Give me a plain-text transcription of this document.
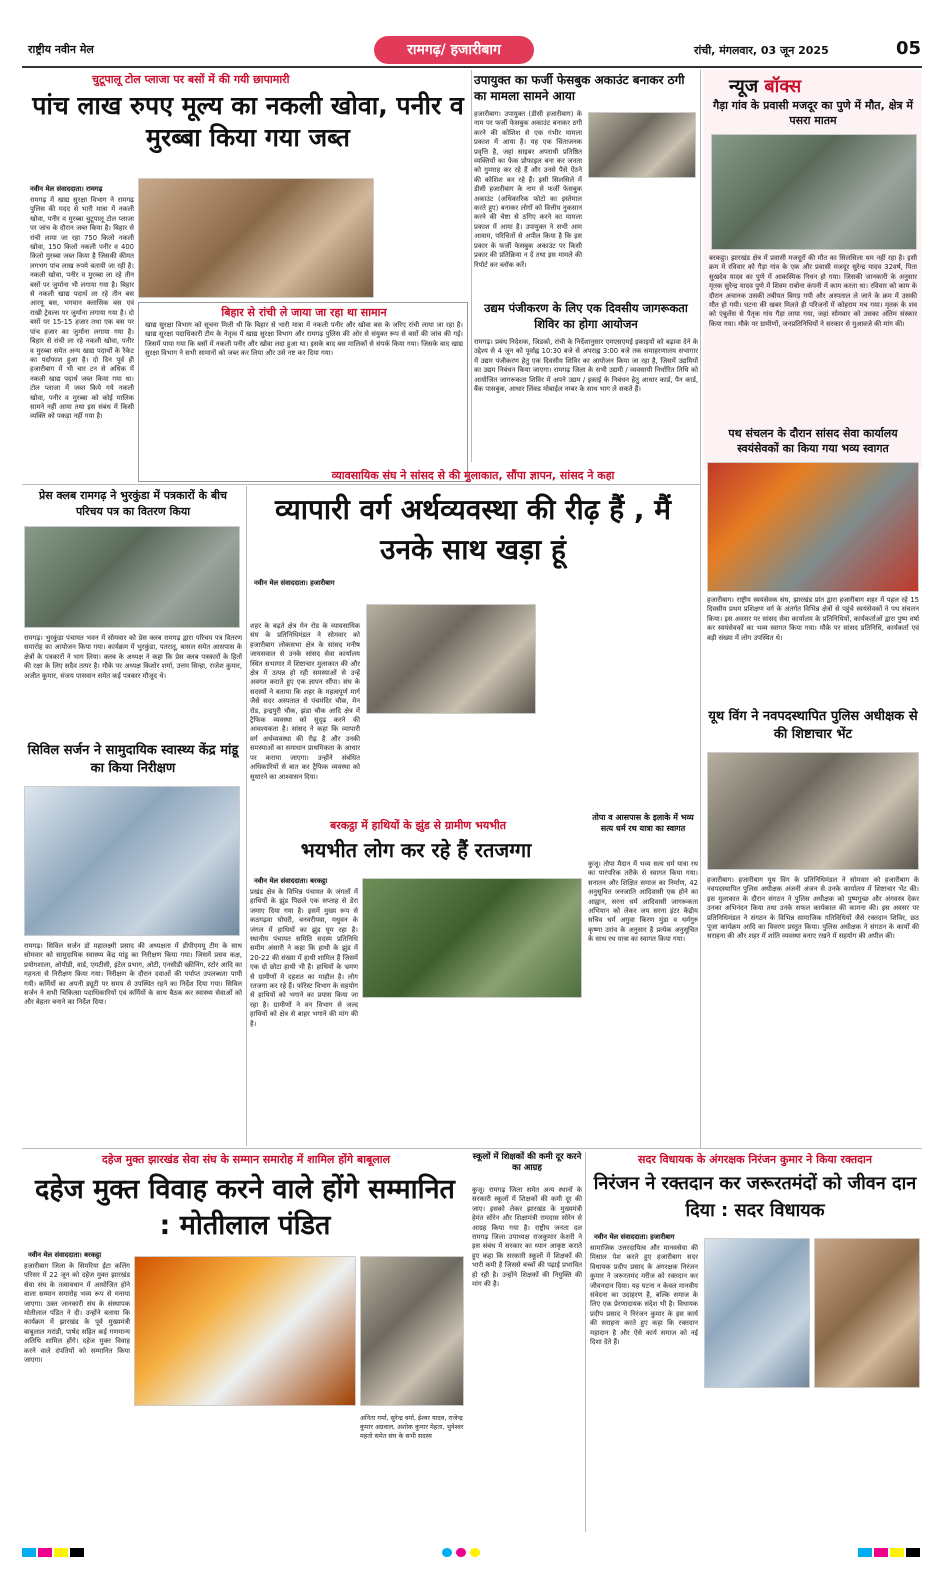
राष्ट्रीय नवीन मेल	रामगढ़/ हजारीबाग	रांची, मंगलवार, 03 जून 2025	05
चुटूपालू टोल प्लाजा पर बसों में की गयी छापामारी
पांच लाख रुपए मूल्य का नकली खोवा, पनीर व मुरब्बा किया गया जब्त
नवीन मेल संवाददाता। रामगढ़
रामगढ़ में खाद्य सुरक्षा विभाग ने रामगढ़ पुलिस की मदद से भारी मात्रा में नकली खोवा, पनीर व मुरब्बा चुटूपालू टोल प्लाजा पर जांच के दौरान जब्त किया है। बिहार से रांची लाया जा रहा 750 किलो नकली खोवा, 150 किलो नकली पनीर व 400 किलो मुरब्बा जब्त किया है जिसकी कीमत लगभग पांच लाख रुपये बतायी जा रही है। नकली खोवा, पनीर व मुरब्बा ला रहे तीन बसों पर जुर्माना भी लगाया गया है। बिहार से नकली खाद्य पदार्थ ला रहे तीन बस आरयू बस, भगवान क्लासिक बस एवं राखी ट्रेवल्स पर जुर्माना लगाया गया है। दो बसों पर 15-15 हजार तथा एक बस पर पांच हजार का जुर्माना लगाया गया है। बिहार से रांची ला रहे नकली खोवा, पनीर व मुरब्बा समेत अन्य खाद्य पदार्थों के रैकेट का पर्दाफाश हुआ है। दो दिन पूर्व ही हजारीबाग में भी चार टन से अधिक में नकली खाद्य पदार्थ जब्त किया गया था। टोल प्लाजा में जब्त किये गये नकली खोवा, पनीर व मुरब्बा को कोई मालिक सामने नहीं आया तथा इस संबंध में किसी व्यक्ति को पकड़ा नहीं गया है।
बिहार से रांची ले जाया जा रहा था सामान
खाद्य सुरक्षा विभाग को सूचना मिली थी कि बिहार से भारी मात्रा में नकली पनीर और खोवा बस के जरिए रांची लाया जा रहा है। खाद्य सुरक्षा पदाधिकारी टीम के नेतृत्व में खाद्य सुरक्षा विभाग और रामगढ़ पुलिस की ओर से संयुक्त रूप से बसों की जांच की गई। जिसमें पाया गया कि बसों में नकली पनीर और खोवा लदा हुआ था। इसके बाद बस मालिकों से संपर्क किया गया। जिसके बाद खाद्य सुरक्षा विभाग ने सभी सामानों को जब्त कर लिया और उसे नष्ट कर दिया गया।
उपायुक्त का फर्जी फेसबुक अकाउंट बनाकर ठगी का मामला सामने आया
हजारीबाग। उपायुक्त (डीसी हजारीबाग) के नाम पर फर्जी फेसबुक अकाउंट बनाकर ठगी करने की कोशिश से एक गंभीर मामला प्रकाश में आया है। यह एक चिंताजनक प्रवृत्ति है, जहां साइबर अपराधी प्रतिष्ठित व्यक्तियों का फेक प्रोफाइल बना कर जनता को गुमराह कर रहे हैं और उनसे पैसे ऐंठने की कोशिश कर रहे हैं। इसी सिलसिले में डीसी हजारीबाग के नाम से फर्जी फेसबुक अकाउंट (अधिकारिक फोटो का इस्तेमाल करते हुए) बनाकर लोगों को वित्तीय नुकसान करने की चेष्टा से ठगिए करने का मामला प्रकाश में आया है। उपायुक्त ने सभी आम आवाम, परिचितों से अपील किया है कि इस प्रकार के फर्जी फेसबुक अकाउंट पर किसी प्रकार की प्रतिक्रिया न दें तथा इस मामले की रिपोर्ट कर ब्लॉक करें।
उद्यम पंजीकरण के लिए एक दिवसीय जागरूकता शिविर का होगा आयोजन
रामगढ़। प्रबंध निदेशक, जिडको, रांची के निर्देशानुसार एमएसएमई इकाइयों को बढ़ावा देने के उद्देश्य से 4 जून को पूर्वाह्न 10:30 बजे से अपराह्न 3:00 बजे तक समाहरणालय सभागार में उद्यम पंजीकरण हेतु एक दिवसीय शिविर का आयोजन किया जा रहा है, जिसमें उद्यमियों का उद्यम निबंधन किया जाएगा। रामगढ़ जिला के सभी उद्यमी / व्यवसायी निर्धारित तिथि को आयोजित जागरूकता शिविर में अपने उद्यम / इकाई के निबंधन हेतु आधार कार्ड, पैन कार्ड, बैंक पासबुक, आधार लिंक्ड मोबाईल नम्बर के साथ भाग ले सकते हैं।
न्यूज बॉक्स
गैड़ा गांव के प्रवासी मजदूर का पुणे में मौत, क्षेत्र में पसरा मातम
बरकट्ठा। झारखंड क्षेत्र में प्रवासी मजदूरों की मौत का सिलसिला थम नहीं रहा है। इसी क्रम में रविवार को गैड़ा गांव के एक और प्रवासी मजदूर सुरेन्द्र यादव 32वर्ष, पिता सुखदेव यादव का पुणे में आकस्मिक निधन हो गया। जिसकी जानकारी के अनुसार मृतक सुरेन्द्र यादव पुणे में शिवम राबोना कंपनी में काम करता था। रविवार को काम के दौरान अचानक उसकी तबीयत बिगड़ गयी और अस्पताल ले जाने के क्रम में उसकी मौत हो गयी। घटना की खबर मिलते ही परिजनों में कोहराम मच गया। मृतक के शव को एंबुलेंस से पैतृक गांव गैड़ा लाया गया, जहां सोमवार को उसका अंतिम संस्कार किया गया। मौके पर ग्रामीणों, जनप्रतिनिधियों ने सरकार से मुआवजे की मांग की।
पथ संचलन के दौरान सांसद सेवा कार्यालय स्वयंसेवकों का किया गया भव्य स्वागत
हजारीबाग। राष्ट्रीय स्वयंसेवक संघ, झारखंड प्रांत द्वारा हजारीबाग शहर में पहल रहे 15 दिवसीय प्रथम प्रशिक्षण वर्ग के अंतर्गत विभिन्न क्षेत्रों से पहुंचे स्वयंसेवकों ने पथ संचलन किया। इस अवसर पर सांसद सेवा कार्यालय के प्रतिनिधियों, कार्यकर्ताओं द्वारा पुष्प वर्षा कर स्वयंसेवकों का भव्य स्वागत किया गया। मौके पर सांसद प्रतिनिधि, कार्यकर्ता एवं बड़ी संख्या में लोग उपस्थित थे।
प्रेस क्लब रामगढ़ ने भुरकुंडा में पत्रकारों के बीच परिचय पत्र का वितरण किया
रामगढ़। भुरकुंडा पंचायत भवन में सोमवार को प्रेस क्लब रामगढ़ द्वारा परिचय पत्र वितरण समारोह का आयोजन किया गया। कार्यक्रम में भुरकुंडा, पतरातू, बासल समेत आसपास के क्षेत्रों के पत्रकारों ने भाग लिया। क्लब के अध्यक्ष ने कहा कि प्रेस क्लब पत्रकारों के हितों की रक्षा के लिए सदैव तत्पर है। मौके पर अध्यक्ष किशोर शर्मा, उत्तम सिन्हा, राजेश कुमार, अजीत कुमार, संजय पासवान समेत कई पत्रकार मौजूद थे।
व्यावसायिक संघ ने सांसद से की मुलाकात, सौंपा ज्ञापन, सांसद ने कहा
व्यापारी वर्ग अर्थव्यवस्था की रीढ़ हैं , मैं उनके साथ खड़ा हूं
नवीन मेल संवाददाता। हजारीबाग
शहर के बढ़ते क्षेत्र मेन रोड के व्यावसायिक संघ के प्रतिनिधिमंडल ने सोमवार को हजारीबाग लोकसभा क्षेत्र के सांसद मनीष जायसवाल से उनके सांसद सेवा कार्यालय स्थित सभागार में शिष्टाचार मुलाकात की और क्षेत्र में उत्पन्न हो रही समस्याओं से उन्हें अवगत कराते हुए एक ज्ञापन सौंपा। संघ के सदस्यों ने बताया कि शहर के महत्वपूर्ण मार्ग जैसे सदर अस्पताल से पंचमंदिर चौक, मेन रोड, इन्द्रपुरी चौक, झंडा चौक आदि क्षेत्र में ट्रैफिक व्यवस्था को सुदृढ़ करने की आवश्यकता है। सांसद ने कहा कि व्यापारी वर्ग अर्थव्यवस्था की रीढ़ है और उनकी समस्याओं का समाधान प्राथमिकता के आधार पर कराया जाएगा। उन्होंने संबंधित अधिकारियों से बात कर ट्रैफिक व्यवस्था को सुधारने का आश्वासन दिया।
सिविल सर्जन ने सामुदायिक स्वास्थ्य केंद्र मांडू का किया निरीक्षण
रामगढ़। सिविल सर्जन डॉ महालक्ष्मी प्रसाद की अध्यक्षता में डीपीएमयू टीम के साथ सोमवार को सामुदायिक स्वास्थ्य केंद्र मांडू का निरीक्षण किया गया। जिसमें प्रसव कक्ष, प्रयोगशाला, ओपीडी, वार्ड, एमटीसी, इंटेल प्रभाग, ओटी, एनसीडी स्क्रीनिंग, स्टोर आदि का गहनता से निरीक्षण किया गया। निरीक्षण के दौरान दवाओं की पर्याप्त उपलब्धता पायी गयी। कर्मियों का अपनी ड्यूटी पर समय से उपस्थित रहने का निर्देश दिया गया। सिविल सर्जन ने सभी चिकित्सा पदाधिकारियों एवं कर्मियों के साथ बैठक कर स्वास्थ्य सेवाओं को और बेहतर बनाने का निर्देश दिया।
बरकट्ठा में हाथियों के झुंड से ग्रामीण भयभीत
भयभीत लोग कर रहे हैं रतजग्गा
नवीन मेल संवाददाता। बरकट्ठा
प्रखंड क्षेत्र के विभिन्न पंचायत के जंगलों में हाथियों के झुंड पिछले एक सप्ताह से डेरा जमाए दिया गया है। इसमें मुख्य रूप से कठगढ़वा घोघरी, बनवरीयवा, मधुवन के जंगल में हाथियों का झुंड घूम रहा है। स्थानीय पंचायत समिति सदस्य प्रतिनिधि समीम अंसारी ने कहा कि हाथी के झुंड में 20-22 की संख्या में हाथी शामिल हैं जिसमें एक दो छोटा हाथी भी है। हाथियों के भ्रमण से ग्रामीणों में दहशत का माहौल है। लोग रतजगा कर रहे हैं। फॉरेस्ट विभाग के सहयोग से हाथियों को भगाने का प्रयास किया जा रहा है। ग्रामीणों ने वन विभाग से जल्द हाथियों को क्षेत्र से बाहर भगाने की मांग की है।
तोपा व आसपास के इलाके में भव्य सत्य धर्म रथ यात्रा का स्वागत
कुजू। तोपा मैदान में भव्य सत्य धर्म यात्रा रथ का पारंपरिक तरीके से स्वागत किया गया। सनातन और शिक्षित समाज का निर्माण, 42 अनुसूचित जनजाति आदिवासी एक होने का आह्वान, सरना धर्म आदिवासी जागरूकता अभियान को लेकर जय सरना इंटर केंद्रीय सचिव धर्म अगुवा किरण मुंडा व धर्मगुरु कृष्णा उरांव के अनुसार है प्रत्येक अनुसूचित के साथ रथ यात्रा का स्वागत किया गया।
यूथ विंग ने नवपदस्थापित पुलिस अधीक्षक से की शिष्टाचार भेंट
हजारीबाग। हजारीबाग यूथ विंग के प्रतिनिधिमंडल ने सोमवार को हजारीबाग के नवपदस्थापित पुलिस अधीक्षक अंजनी अंजन से उनके कार्यालय में शिष्टाचार भेंट की। इस मुलाकात के दौरान संगठन ने पुलिस अधीक्षक को पुष्पगुच्छ और अंगवस्त्र देकर उनका अभिनंदन किया तथा उनके सफल कार्यकाल की कामना की। इस अवसर पर प्रतिनिधिमंडल ने संगठन के विभिन्न सामाजिक गतिविधियों जैसे रक्तदान शिविर, छठ पूजा कार्यक्रम आदि का विवरण प्रस्तुत किया। पुलिस अधीक्षक ने संगठन के कार्यों की सराहना की और शहर में शांति व्यवस्था बनाए रखने में सहयोग की अपील की।
दहेज मुक्त झारखंड सेवा संघ के सम्मान समारोह में शामिल होंगे बाबूलाल
दहेज मुक्त विवाह करने वाले होंगे सम्मानित : मोतीलाल पंडित
नवीन मेल संवाददाता। बरकट्ठा
हजारीबाग जिला के सिमरिया ईटा कलिंग परिसर में 22 जून को दहेज मुक्त झारखंड सेवा संघ के तत्वावधान में आयोजित होने वाला सम्मान समारोह भव्य रूप से मनाया जाएगा। उक्त जानकारी संघ के संस्थापक मोतीलाल पंडित ने दी। उन्होंने बताया कि कार्यक्रम में झारखंड के पूर्व मुख्यमंत्री बाबूलाल मरांडी, पार्षद सहित कई गणमान्य अतिथि शामिल होंगे। दहेज मुक्त विवाह करने वाले दंपतियों को सम्मानित किया जाएगा।
अनिता गर्मा, सुरेन्द्र वर्मा, ईश्वर यादव, राजेन्द्र कुमार अग्रवाल, अशोक कुमार मेहता, भुनेश्वर महतो समेत संघ के सभी सदस्य
स्कूलों में शिक्षकों की कमी दूर करने का आग्रह
कुजू। रामगढ़ जिला समेत अन्य स्थानों के सरकारी स्कूलों में शिक्षकों की कमी दूर की जाए। इसको लेकर झारखंड के मुख्यमंत्री हेमंत सोरेन और शिक्षामंत्री रामदास सोरेन से आग्रह किया गया है। राष्ट्रीय जनता दल रामगढ़ जिला उपाध्यक्ष राजकुमार केशरी ने इस संबंध में सरकार का ध्यान आकृष्ट कराते हुए कहा कि सरकारी स्कूलों में शिक्षकों की भारी कमी है जिससे बच्चों की पढ़ाई प्रभावित हो रही है। उन्होंने शिक्षकों की नियुक्ति की मांग की है।
सदर विधायक के अंगरक्षक निरंजन कुमार ने किया रक्तदान
निरंजन ने रक्तदान कर जरूरतमंदों को जीवन दान दिया : सदर विधायक
नवीन मेल संवाददाता। हजारीबाग
सामाजिक उत्तरदायित्व और मानवसेवा की मिसाल पेश करते हुए हजारीबाग सदर विधायक प्रदीप प्रसाद के अंगरक्षक निरंजन कुमार ने जरूरतमंद मरीज को रक्तदान कर जीवनदान दिया। यह घटना न केवल मानवीय संवेदना का उदाहरण है, बल्कि समाज के लिए एक प्रेरणादायक संदेश भी है। विधायक प्रदीप प्रसाद ने निरंजन कुमार के इस कार्य की सराहना करते हुए कहा कि रक्तदान महादान है और ऐसे कार्य समाज को नई दिशा देते हैं।
